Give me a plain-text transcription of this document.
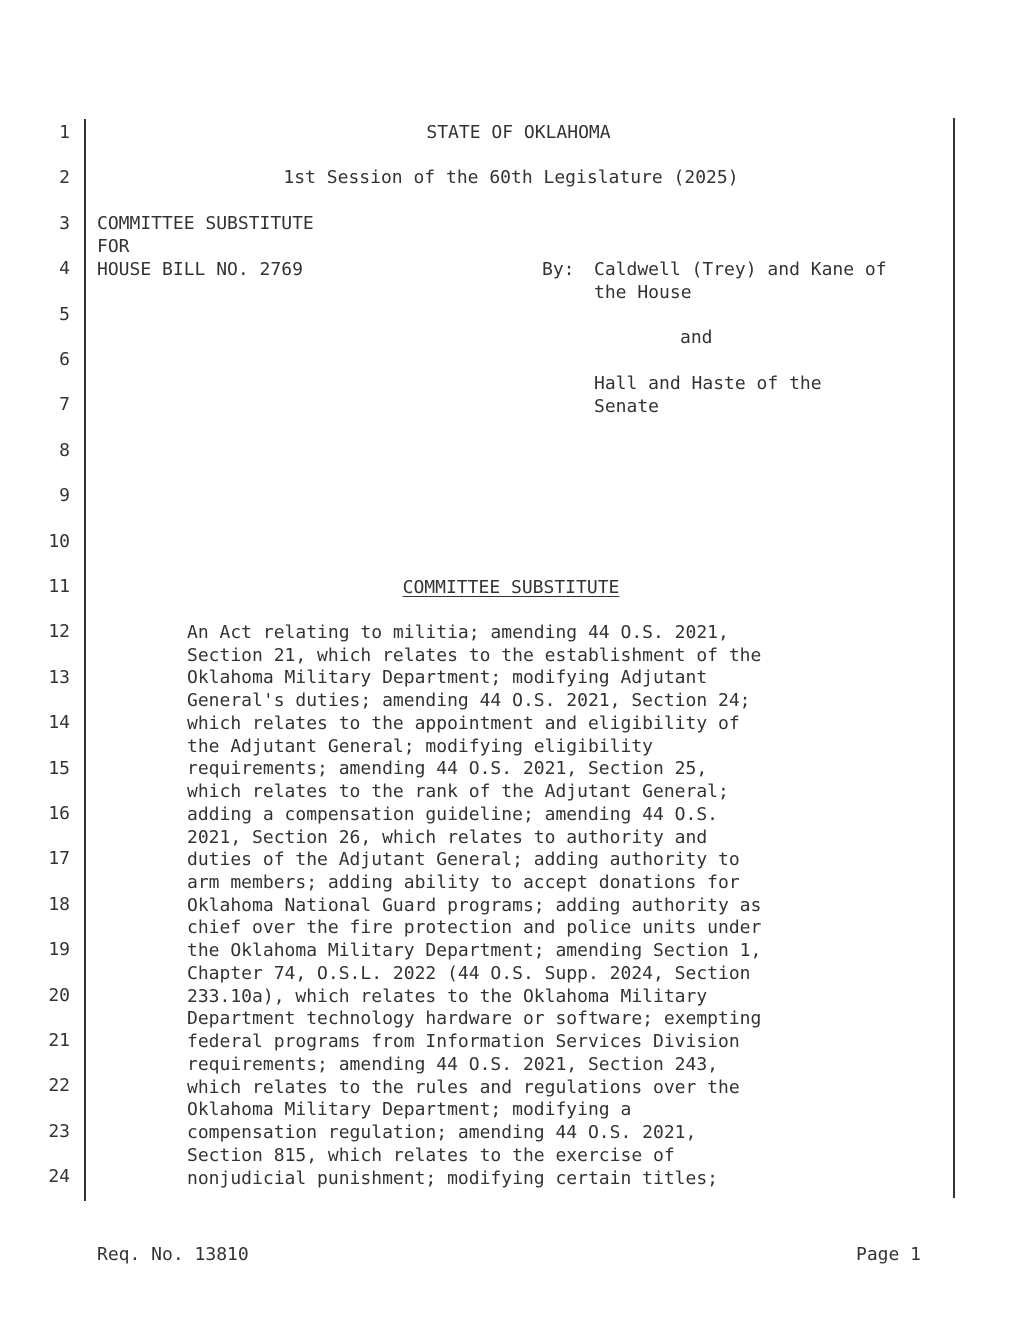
1
2
3
4
5
6
7
8
9
10
11
12
13
14
15
16
17
18
19
20
21
22
23
24
STATE OF OKLAHOMA
1st Session of the 60th Legislature (2025)
COMMITTEE SUBSTITUTE
FOR
HOUSE BILL NO. 2769	By: Caldwell (Trey) and Kane of
the House
and
Hall and Haste of the
Senate
COMMITTEE SUBSTITUTE
An Act relating to militia; amending 44 O.S. 2021,
Section 21, which relates to the establishment of the
Oklahoma Military Department; modifying Adjutant
General's duties; amending 44 O.S. 2021, Section 24;
which relates to the appointment and eligibility of
the Adjutant General; modifying eligibility
requirements; amending 44 O.S. 2021, Section 25,
which relates to the rank of the Adjutant General;
adding a compensation guideline; amending 44 O.S.
2021, Section 26, which relates to authority and
duties of the Adjutant General; adding authority to
arm members; adding ability to accept donations for
Oklahoma National Guard programs; adding authority as
chief over the fire protection and police units under
the Oklahoma Military Department; amending Section 1,
Chapter 74, O.S.L. 2022 (44 O.S. Supp. 2024, Section
233.10a), which relates to the Oklahoma Military
Department technology hardware or software; exempting
federal programs from Information Services Division
requirements; amending 44 O.S. 2021, Section 243,
which relates to the rules and regulations over the
Oklahoma Military Department; modifying a
compensation regulation; amending 44 O.S. 2021,
Section 815, which relates to the exercise of
nonjudicial punishment; modifying certain titles;
Req. No. 13810	Page 1
